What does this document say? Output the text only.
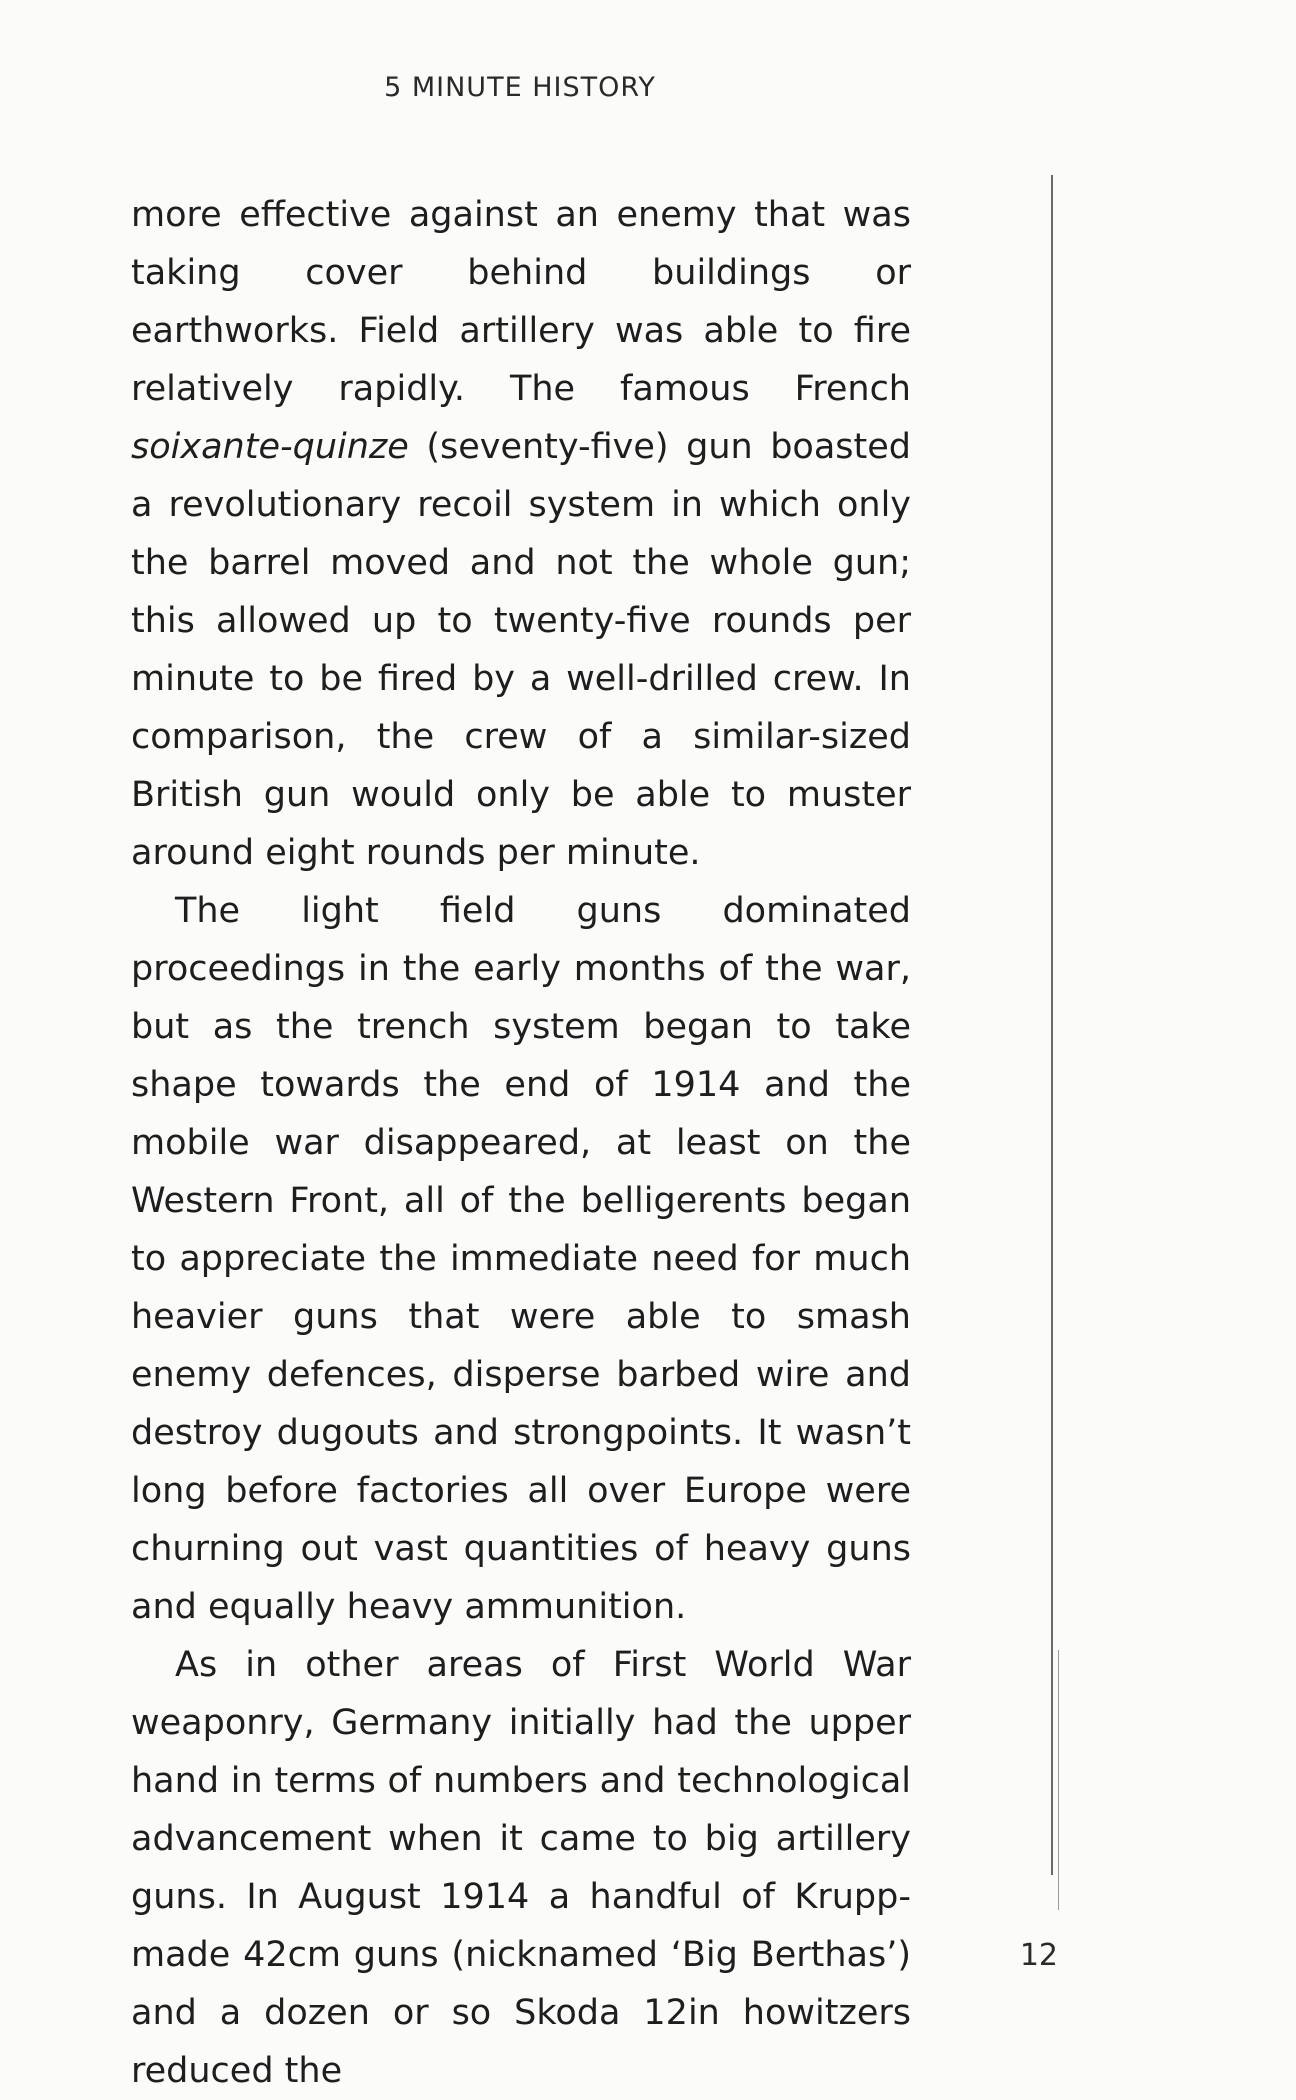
5 MINUTE HISTORY

more effective against an enemy that was taking cover behind buildings or earthworks. Field artillery was able to fire relatively rapidly. The famous French soixante-quinze (seventy-five) gun boasted a revolutionary recoil system in which only the barrel moved and not the whole gun; this allowed up to twenty-five rounds per minute to be fired by a well-drilled crew. In comparison, the crew of a similar-sized British gun would only be able to muster around eight rounds per minute.

The light field guns dominated proceedings in the early months of the war, but as the trench system began to take shape towards the end of 1914 and the mobile war disappeared, at least on the Western Front, all of the belligerents began to appreciate the immediate need for much heavier guns that were able to smash enemy defences, disperse barbed wire and destroy dugouts and strongpoints. It wasn’t long before factories all over Europe were churning out vast quantities of heavy guns and equally heavy ammunition.

As in other areas of First World War weaponry, Germany initially had the upper hand in terms of numbers and technological advancement when it came to big artillery guns. In August 1914 a handful of Krupp-made 42cm guns (nicknamed ‘Big Berthas’) and a dozen or so Skoda 12in howitzers reduced the

12
